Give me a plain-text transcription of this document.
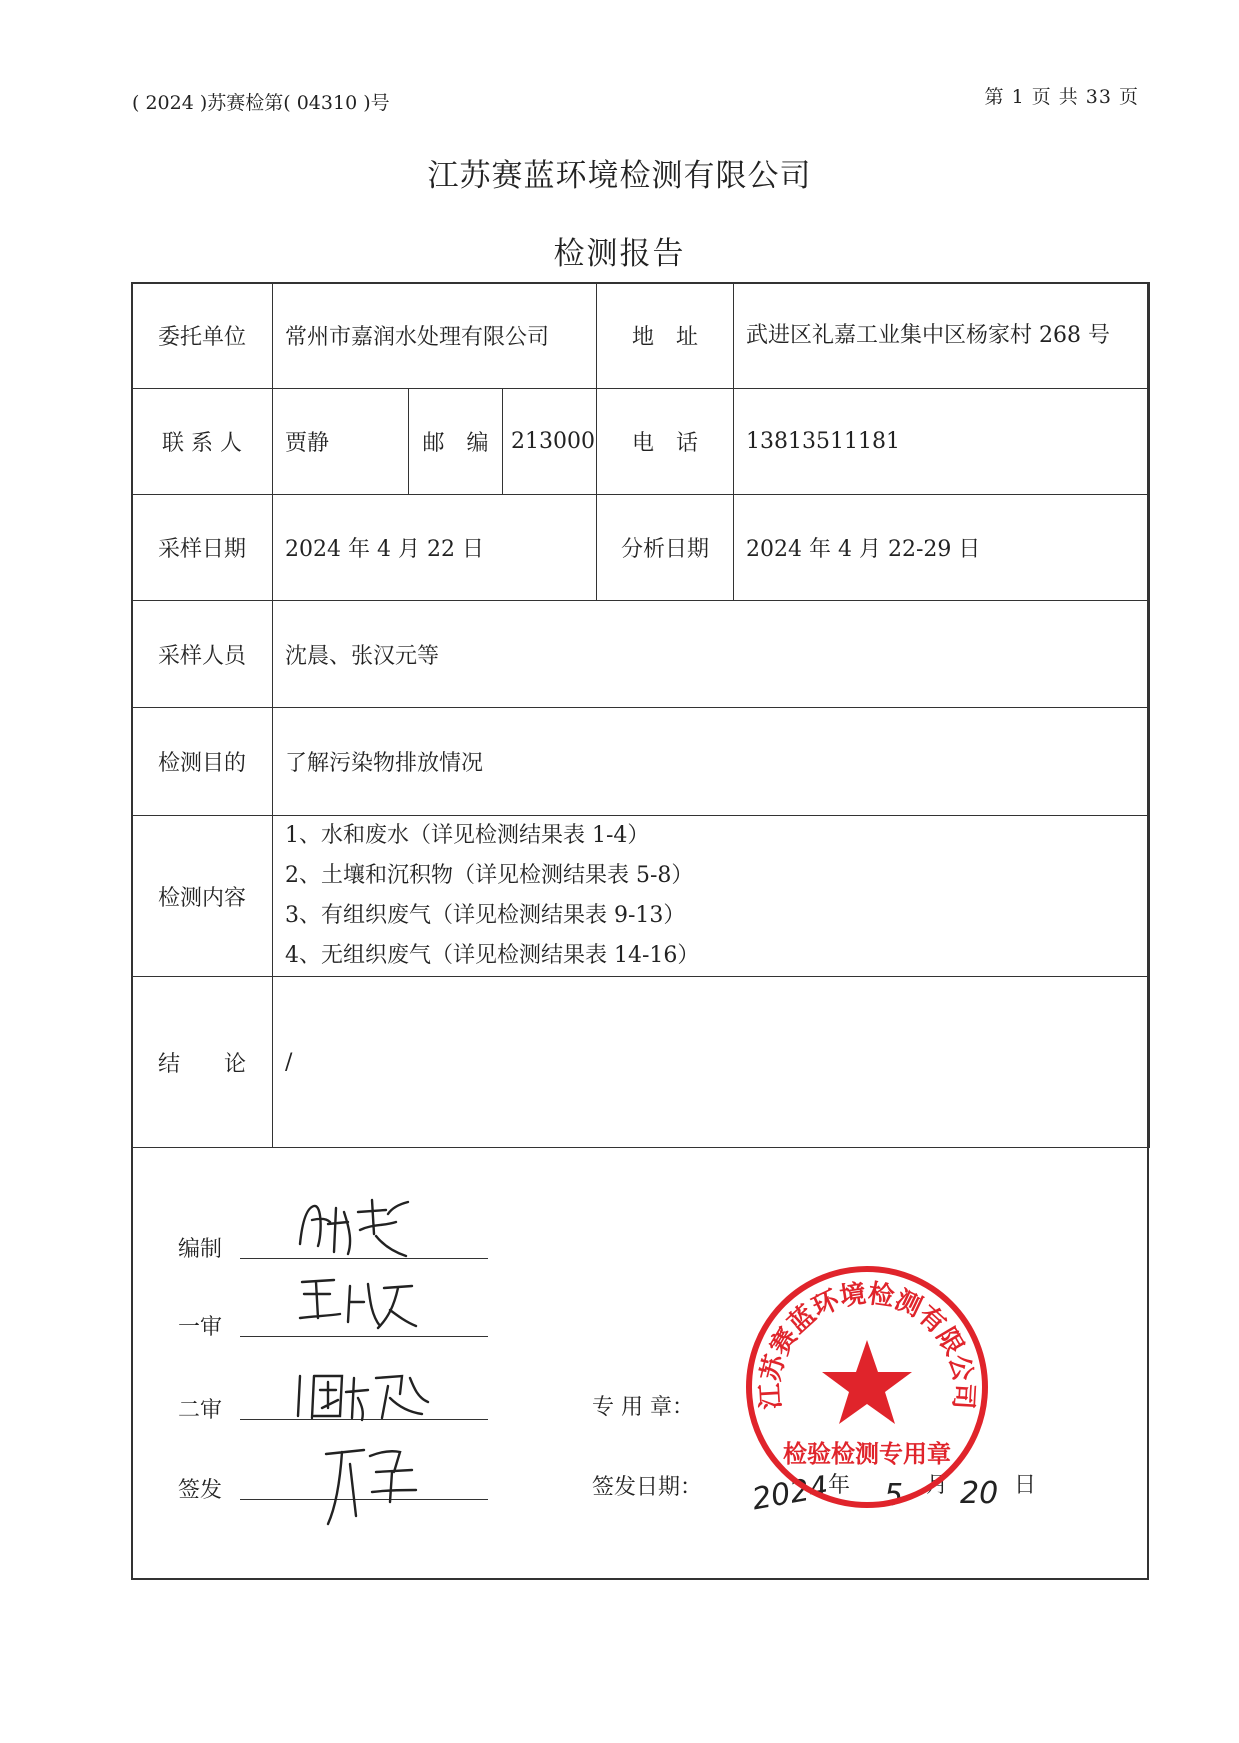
( 2024 )苏赛检第( 04310 )号	第 1 页 共 33 页
江苏赛蓝环境检测有限公司
检测报告
委托单位	常州市嘉润水处理有限公司			地　址	武进区礼嘉工业集中区杨家村 268 号
联 系 人	贾静	邮　编	213000	电　话	13813511181
采样日期	2024 年 4 月 22 日			分析日期	2024 年 4 月 22-29 日
采样人员	沈晨、张汉元等				
检测目的	了解污染物排放情况				
检测内容	1、水和废水（详见检测结果表 1-4）
2、土壤和沉积物（详见检测结果表 5-8）
3、有组织废气（详见检测结果表 9-13）
4、无组织废气（详见检测结果表 14-16）				

结　　论	/				
编制
一审
二审
签发
专 用 章：
签发日期： 2024
年 5 月 20 日
江苏赛蓝环境检测有限公司
检验检测专用章
